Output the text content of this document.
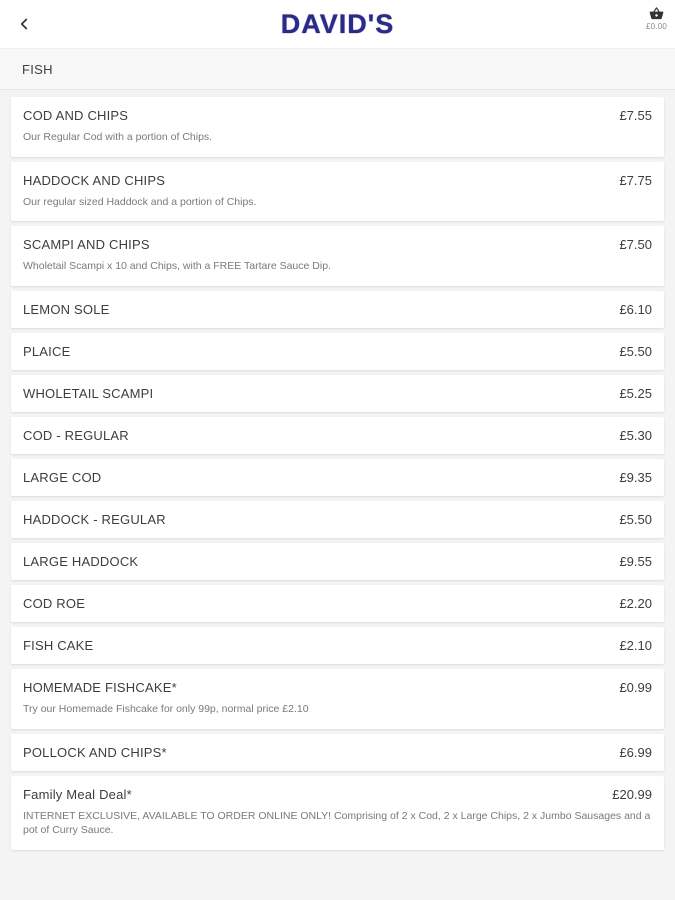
DAVID'S	£0.00
FISH
COD AND CHIPS	£7.55
Our Regular Cod with a portion of Chips.
HADDOCK AND CHIPS	£7.75
Our regular sized Haddock and a portion of Chips.
SCAMPI AND CHIPS	£7.50
Wholetail Scampi x 10 and Chips, with a FREE Tartare Sauce Dip.
LEMON SOLE	£6.10
PLAICE	£5.50
WHOLETAIL SCAMPI	£5.25
COD - REGULAR	£5.30
LARGE COD	£9.35
HADDOCK - REGULAR	£5.50
LARGE HADDOCK	£9.55
COD ROE	£2.20
FISH CAKE	£2.10
HOMEMADE FISHCAKE*	£0.99
Try our Homemade Fishcake for only 99p, normal price £2.10
POLLOCK AND CHIPS*	£6.99
Family Meal Deal*	£20.99
INTERNET EXCLUSIVE, AVAILABLE TO ORDER ONLINE ONLY! Comprising of 2 x Cod, 2 x Large Chips, 2 x Jumbo Sausages and a pot of Curry Sauce.
